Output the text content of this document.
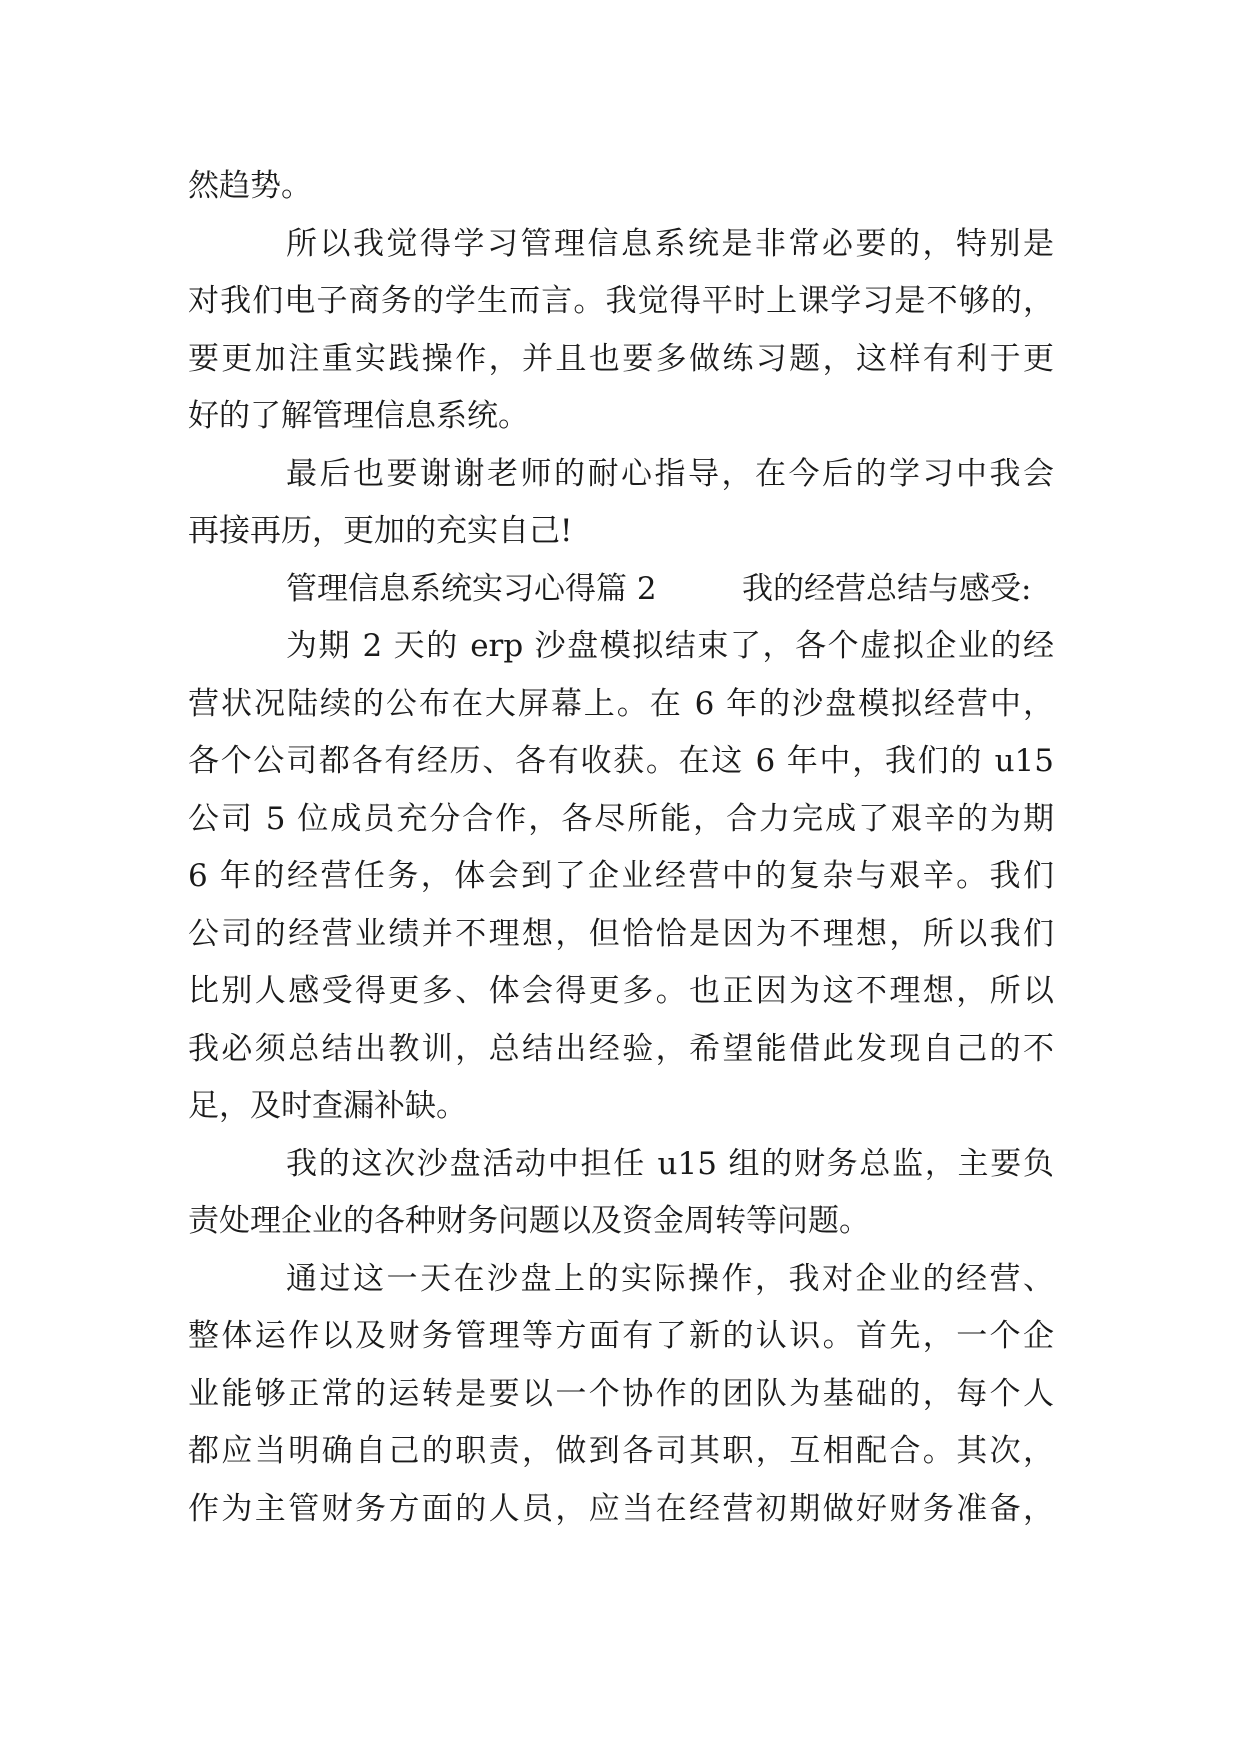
然趋势。
所以我觉得学习管理信息系统是非常必要的，特别是
对我们电子商务的学生而言。我觉得平时上课学习是不够的，
要更加注重实践操作，并且也要多做练习题，这样有利于更
好的了解管理信息系统。
最后也要谢谢老师的耐心指导，在今后的学习中我会
再接再历，更加的充实自己!
管理信息系统实习心得篇 2	我的经营总结与感受:
为期 2 天的 erp 沙盘模拟结束了，各个虚拟企业的经
营状况陆续的公布在大屏幕上。在 6 年的沙盘模拟经营中，
各个公司都各有经历、各有收获。在这 6 年中，我们的 u15
公司 5 位成员充分合作，各尽所能，合力完成了艰辛的为期
6 年的经营任务，体会到了企业经营中的复杂与艰辛。我们
公司的经营业绩并不理想，但恰恰是因为不理想，所以我们
比别人感受得更多、体会得更多。也正因为这不理想，所以
我必须总结出教训，总结出经验，希望能借此发现自己的不
足，及时查漏补缺。
我的这次沙盘活动中担任 u15 组的财务总监，主要负
责处理企业的各种财务问题以及资金周转等问题。
通过这一天在沙盘上的实际操作，我对企业的经营、
整体运作以及财务管理等方面有了新的认识。首先，一个企
业能够正常的运转是要以一个协作的团队为基础的，每个人
都应当明确自己的职责，做到各司其职，互相配合。其次，
作为主管财务方面的人员，应当在经营初期做好财务准备，
